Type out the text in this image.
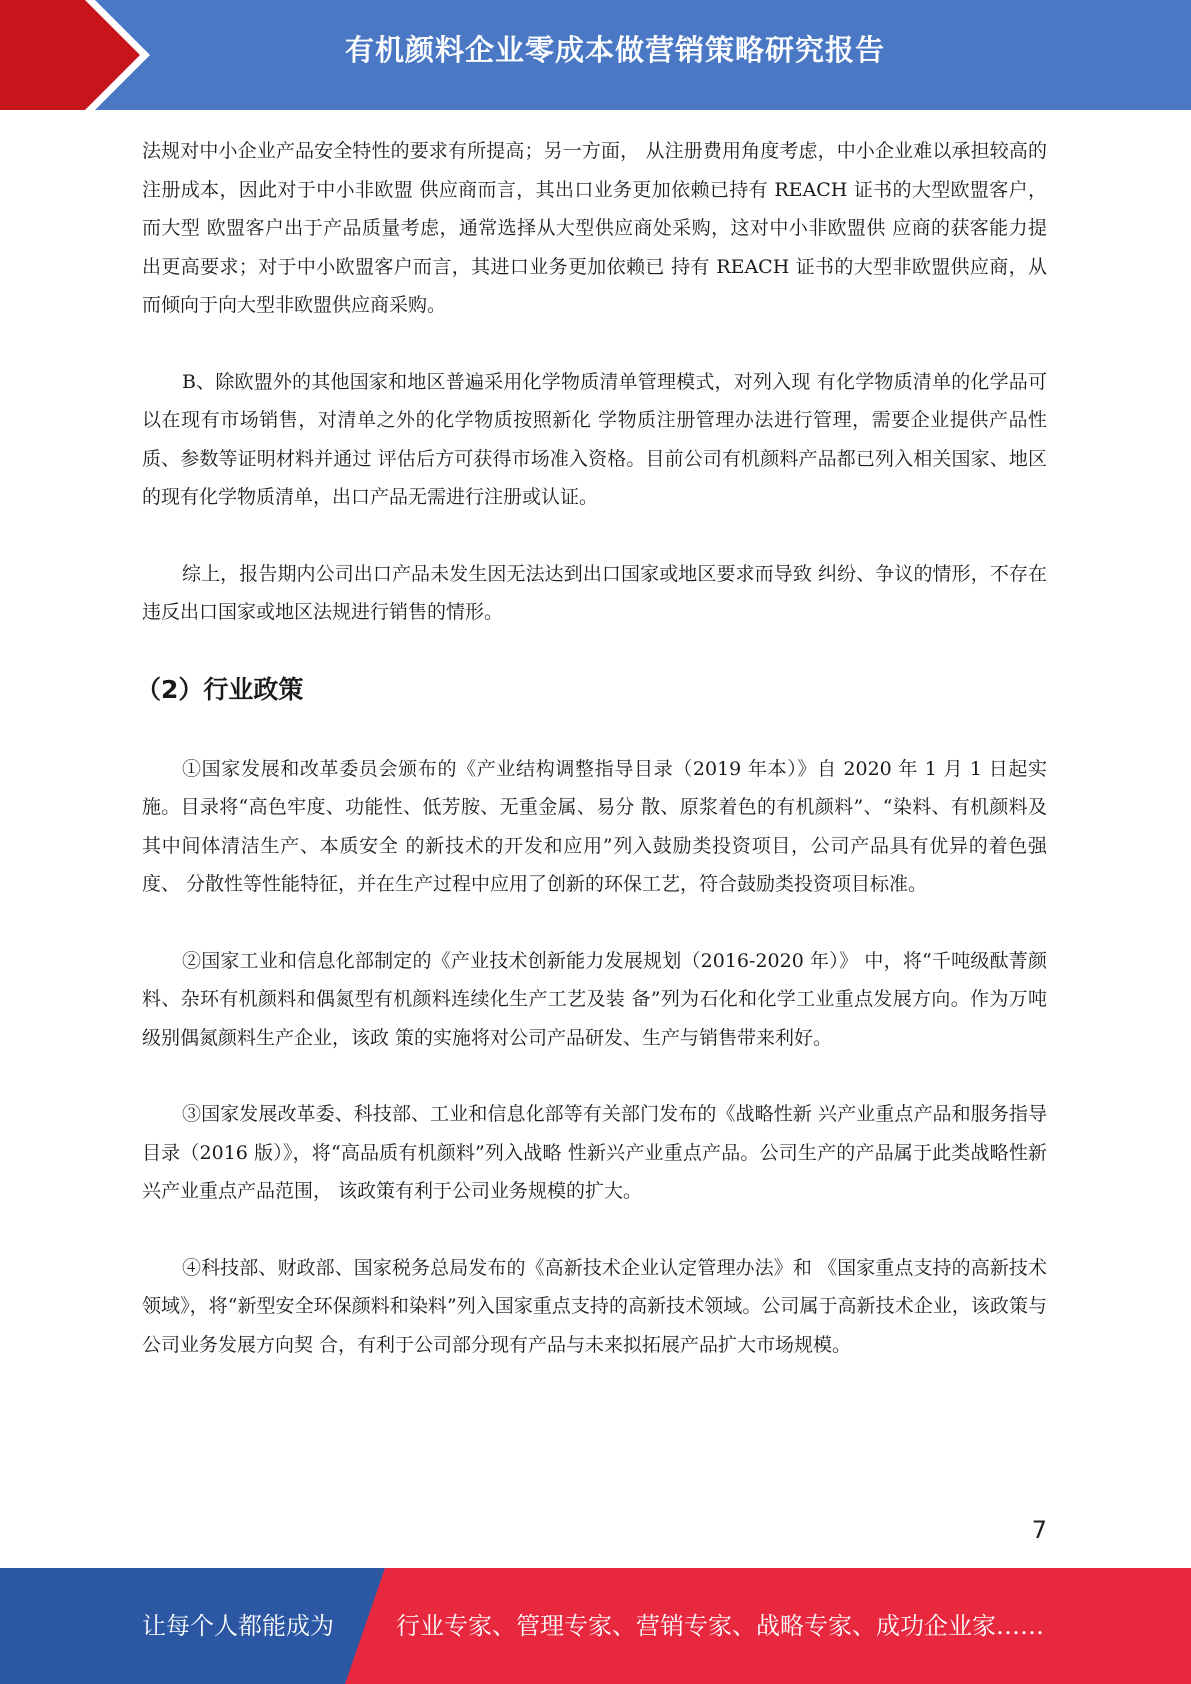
有机颜料企业零成本做营销策略研究报告

法规对中小企业产品安全特性的要求有所提高；另一方面， 从注册费用角度考虑，中小企业难以承担较高的注册成本，因此对于中小非欧盟 供应商而言，其出口业务更加依赖已持有 REACH 证书的大型欧盟客户，而大型 欧盟客户出于产品质量考虑，通常选择从大型供应商处采购，这对中小非欧盟供 应商的获客能力提出更高要求；对于中小欧盟客户而言，其进口业务更加依赖已 持有 REACH 证书的大型非欧盟供应商，从而倾向于向大型非欧盟供应商采购。

B、除欧盟外的其他国家和地区普遍采用化学物质清单管理模式，对列入现 有化学物质清单的化学品可以在现有市场销售，对清单之外的化学物质按照新化 学物质注册管理办法进行管理，需要企业提供产品性质、参数等证明材料并通过 评估后方可获得市场准入资格。目前公司有机颜料产品都已列入相关国家、地区 的现有化学物质清单，出口产品无需进行注册或认证。

综上，报告期内公司出口产品未发生因无法达到出口国家或地区要求而导致 纠纷、争议的情形，不存在违反出口国家或地区法规进行销售的情形。

（2）行业政策

①国家发展和改革委员会颁布的《产业结构调整指导目录（2019 年本）》自 2020 年 1 月 1 日起实施。目录将“高色牢度、功能性、低芳胺、无重金属、易分 散、原浆着色的有机颜料”、“染料、有机颜料及其中间体清洁生产、本质安全 的新技术的开发和应用”列入鼓励类投资项目，公司产品具有优异的着色强度、 分散性等性能特征，并在生产过程中应用了创新的环保工艺，符合鼓励类投资项目标准。

②国家工业和信息化部制定的《产业技术创新能力发展规划（2016-2020 年）》 中，将“千吨级酞菁颜料、杂环有机颜料和偶氮型有机颜料连续化生产工艺及装 备”列为石化和化学工业重点发展方向。作为万吨级别偶氮颜料生产企业，该政 策的实施将对公司产品研发、生产与销售带来利好。

③国家发展改革委、科技部、工业和信息化部等有关部门发布的《战略性新 兴产业重点产品和服务指导目录（2016 版）》，将“高品质有机颜料”列入战略 性新兴产业重点产品。公司生产的产品属于此类战略性新兴产业重点产品范围， 该政策有利于公司业务规模的扩大。

④科技部、财政部、国家税务总局发布的《高新技术企业认定管理办法》和 《国家重点支持的高新技术领域》，将“新型安全环保颜料和染料”列入国家重点支持的高新技术领域。公司属于高新技术企业，该政策与公司业务发展方向契 合，有利于公司部分现有产品与未来拟拓展产品扩大市场规模。

7
让每个人都能成为	行业专家、管理专家、营销专家、战略专家、成功企业家……
